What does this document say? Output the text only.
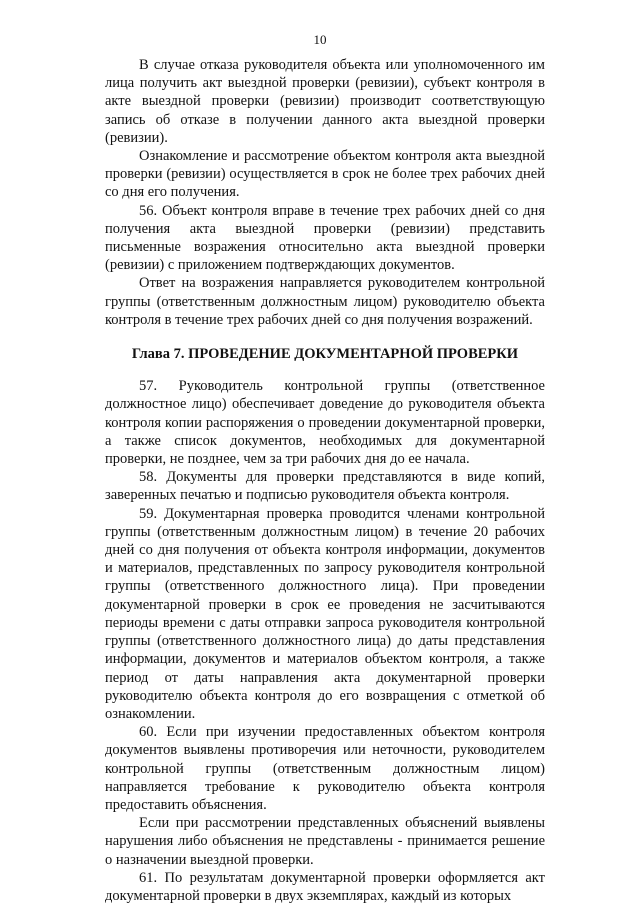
10

В случае отказа руководителя объекта или уполномоченного им лица получить акт выездной проверки (ревизии), субъект контроля в акте выездной проверки (ревизии) производит соответствующую запись об отказе в получении данного акта выездной проверки (ревизии).

Ознакомление и рассмотрение объектом контроля акта выездной проверки (ревизии) осуществляется в срок не более трех рабочих дней со дня его получения.

56. Объект контроля вправе в течение трех рабочих дней со дня получения акта выездной проверки (ревизии) представить письменные возражения относительно акта выездной проверки (ревизии) с приложением подтверждающих документов.

Ответ на возражения направляется руководителем контрольной группы (ответственным должностным лицом) руководителю объекта контроля в течение трех рабочих дней со дня получения возражений.

Глава 7. ПРОВЕДЕНИЕ ДОКУМЕНТАРНОЙ ПРОВЕРКИ

57. Руководитель контрольной группы (ответственное должностное лицо) обеспечивает доведение до руководителя объекта контроля копии распоряжения о проведении документарной проверки, а также список документов, необходимых для документарной проверки, не позднее, чем за три рабочих дня до ее начала.

58. Документы для проверки представляются в виде копий, заверенных печатью и подписью руководителя объекта контроля.

59. Документарная проверка проводится членами контрольной группы (ответственным должностным лицом) в течение 20 рабочих дней со дня получения от объекта контроля информации, документов и материалов, представленных по запросу руководителя контрольной группы (ответственного должностного лица). При проведении документарной проверки в срок ее проведения не засчитываются периоды времени с даты отправки запроса руководителя контрольной группы (ответственного должностного лица) до даты представления информации, документов и материалов объектом контроля, а также период от даты направления акта документарной проверки руководителю объекта контроля до его возвращения с отметкой об ознакомлении.

60. Если при изучении предоставленных объектом контроля документов выявлены противоречия или неточности, руководителем контрольной группы (ответственным должностным лицом) направляется требование к руководителю объекта контроля предоставить объяснения.

Если при рассмотрении представленных объяснений выявлены нарушения либо объяснения не представлены - принимается решение о назначении выездной проверки.

61. По результатам документарной проверки оформляется акт документарной проверки в двух экземплярах, каждый из которых
